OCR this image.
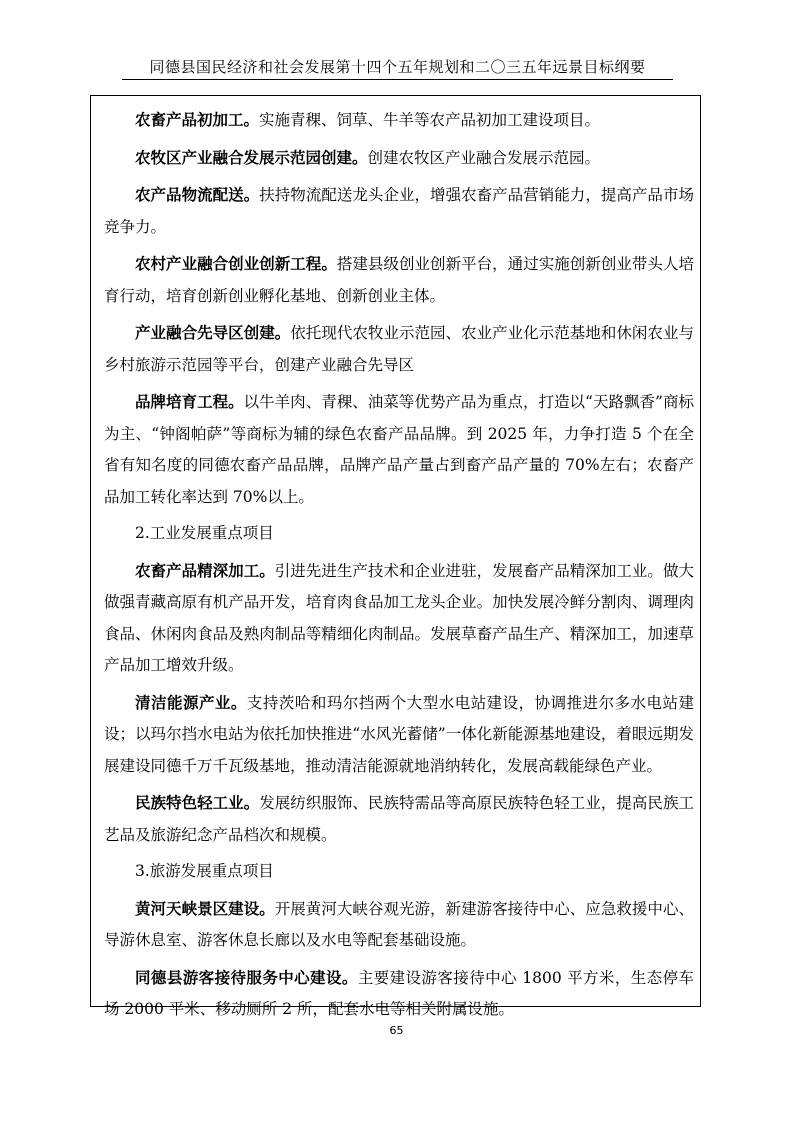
同德县国民经济和社会发展第十四个五年规划和二〇三五年远景目标纲要

农畜产品初加工。实施青稞、饲草、牛羊等农产品初加工建设项目。

农牧区产业融合发展示范园创建。创建农牧区产业融合发展示范园。

农产品物流配送。扶持物流配送龙头企业，增强农畜产品营销能力，提高产品市场竞争力。

农村产业融合创业创新工程。搭建县级创业创新平台，通过实施创新创业带头人培育行动，培育创新创业孵化基地、创新创业主体。

产业融合先导区创建。依托现代农牧业示范园、农业产业化示范基地和休闲农业与乡村旅游示范园等平台，创建产业融合先导区

品牌培育工程。以牛羊肉、青稞、油菜等优势产品为重点，打造以“天路飘香”商标为主、“钟阁帕萨”等商标为辅的绿色农畜产品品牌。到 2025 年，力争打造 5 个在全省有知名度的同德农畜产品品牌，品牌产品产量占到畜产品产量的 70%左右；农畜产品加工转化率达到 70%以上。

2.工业发展重点项目

农畜产品精深加工。引进先进生产技术和企业进驻，发展畜产品精深加工业。做大做强青藏高原有机产品开发，培育肉食品加工龙头企业。加快发展冷鲜分割肉、调理肉食品、休闲肉食品及熟肉制品等精细化肉制品。发展草畜产品生产、精深加工，加速草产品加工增效升级。

清洁能源产业。支持茨哈和玛尔挡两个大型水电站建设，协调推进尔多水电站建设；以玛尔挡水电站为依托加快推进“水风光蓄储”一体化新能源基地建设，着眼远期发展建设同德千万千瓦级基地，推动清洁能源就地消纳转化，发展高载能绿色产业。

民族特色轻工业。发展纺织服饰、民族特需品等高原民族特色轻工业，提高民族工艺品及旅游纪念产品档次和规模。

3.旅游发展重点项目

黄河天峡景区建设。开展黄河大峡谷观光游，新建游客接待中心、应急救援中心、导游休息室、游客休息长廊以及水电等配套基础设施。

同德县游客接待服务中心建设。主要建设游客接待中心 1800 平方米，生态停车场 2000 平米、移动厕所 2 所，配套水电等相关附属设施。

65
